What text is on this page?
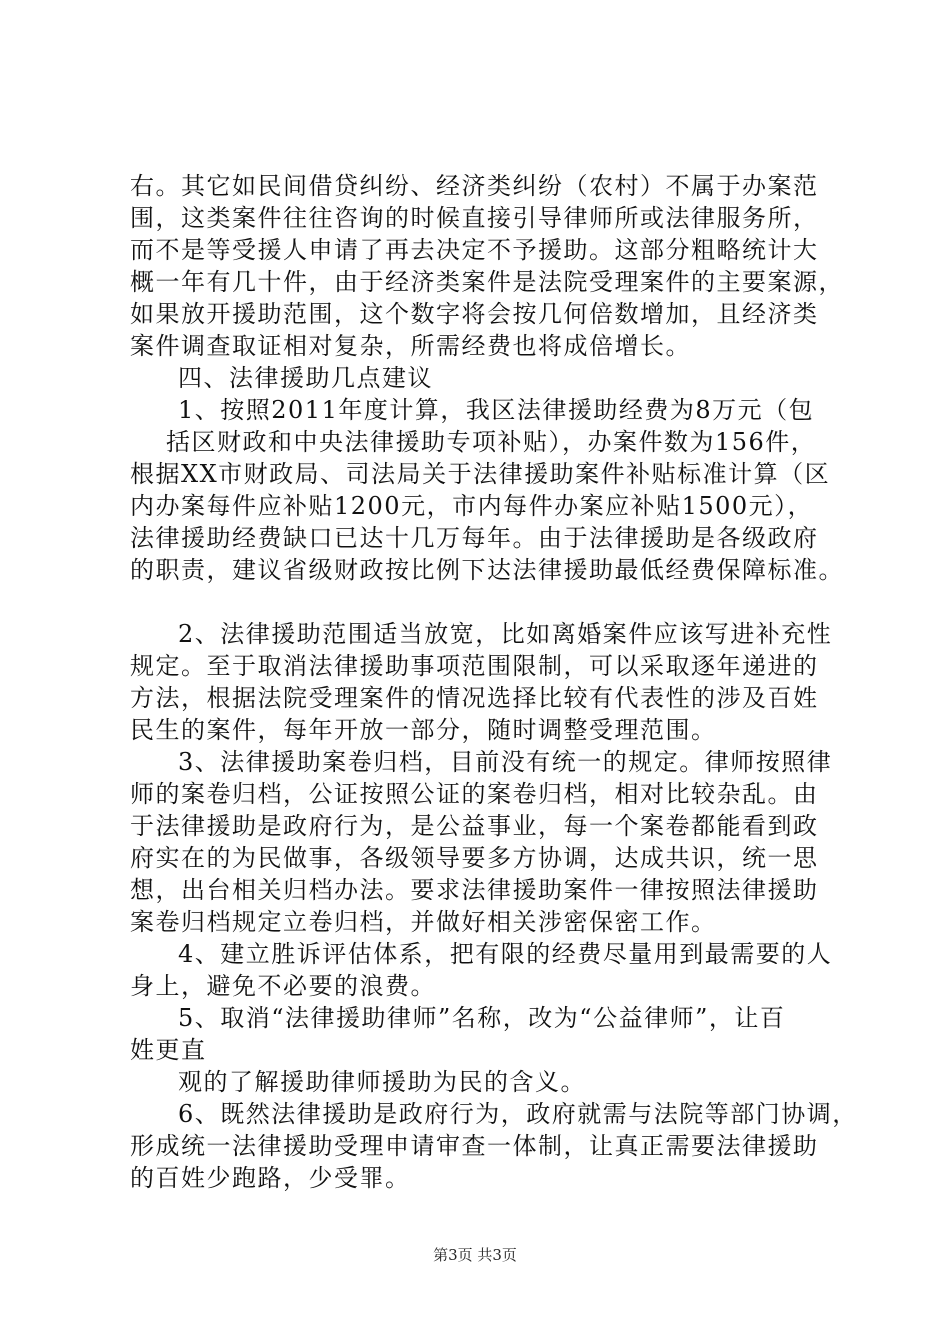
右。其它如民间借贷纠纷、经济类纠纷（农村）不属于办案范
围，这类案件往往咨询的时候直接引导律师所或法律服务所，
而不是等受援人申请了再去决定不予援助。这部分粗略统计大
概一年有几十件，由于经济类案件是法院受理案件的主要案源，
如果放开援助范围，这个数字将会按几何倍数增加，且经济类
案件调查取证相对复杂，所需经费也将成倍增长。
四、法律援助几点建议
1、按照2011年度计算，我区法律援助经费为8万元（包
括区财政和中央法律援助专项补贴），办案件数为156件，
根据XX市财政局、司法局关于法律援助案件补贴标准计算（区
内办案每件应补贴1200元，市内每件办案应补贴1500元），
法律援助经费缺口已达十几万每年。由于法律援助是各级政府
的职责，建议省级财政按比例下达法律援助最低经费保障标准。
2、法律援助范围适当放宽，比如离婚案件应该写进补充性
规定。至于取消法律援助事项范围限制，可以采取逐年递进的
方法，根据法院受理案件的情况选择比较有代表性的涉及百姓
民生的案件，每年开放一部分，随时调整受理范围。
3、法律援助案卷归档，目前没有统一的规定。律师按照律
师的案卷归档，公证按照公证的案卷归档，相对比较杂乱。由
于法律援助是政府行为，是公益事业，每一个案卷都能看到政
府实在的为民做事，各级领导要多方协调，达成共识，统一思
想，出台相关归档办法。要求法律援助案件一律按照法律援助
案卷归档规定立卷归档，并做好相关涉密保密工作。
4、建立胜诉评估体系，把有限的经费尽量用到最需要的人
身上，避免不必要的浪费。
5、取消“法律援助律师”名称，改为“公益律师”，让百
姓更直
观的了解援助律师援助为民的含义。
6、既然法律援助是政府行为，政府就需与法院等部门协调，
形成统一法律援助受理申请审查一体制，让真正需要法律援助
的百姓少跑路，少受罪。
第3页 共3页
